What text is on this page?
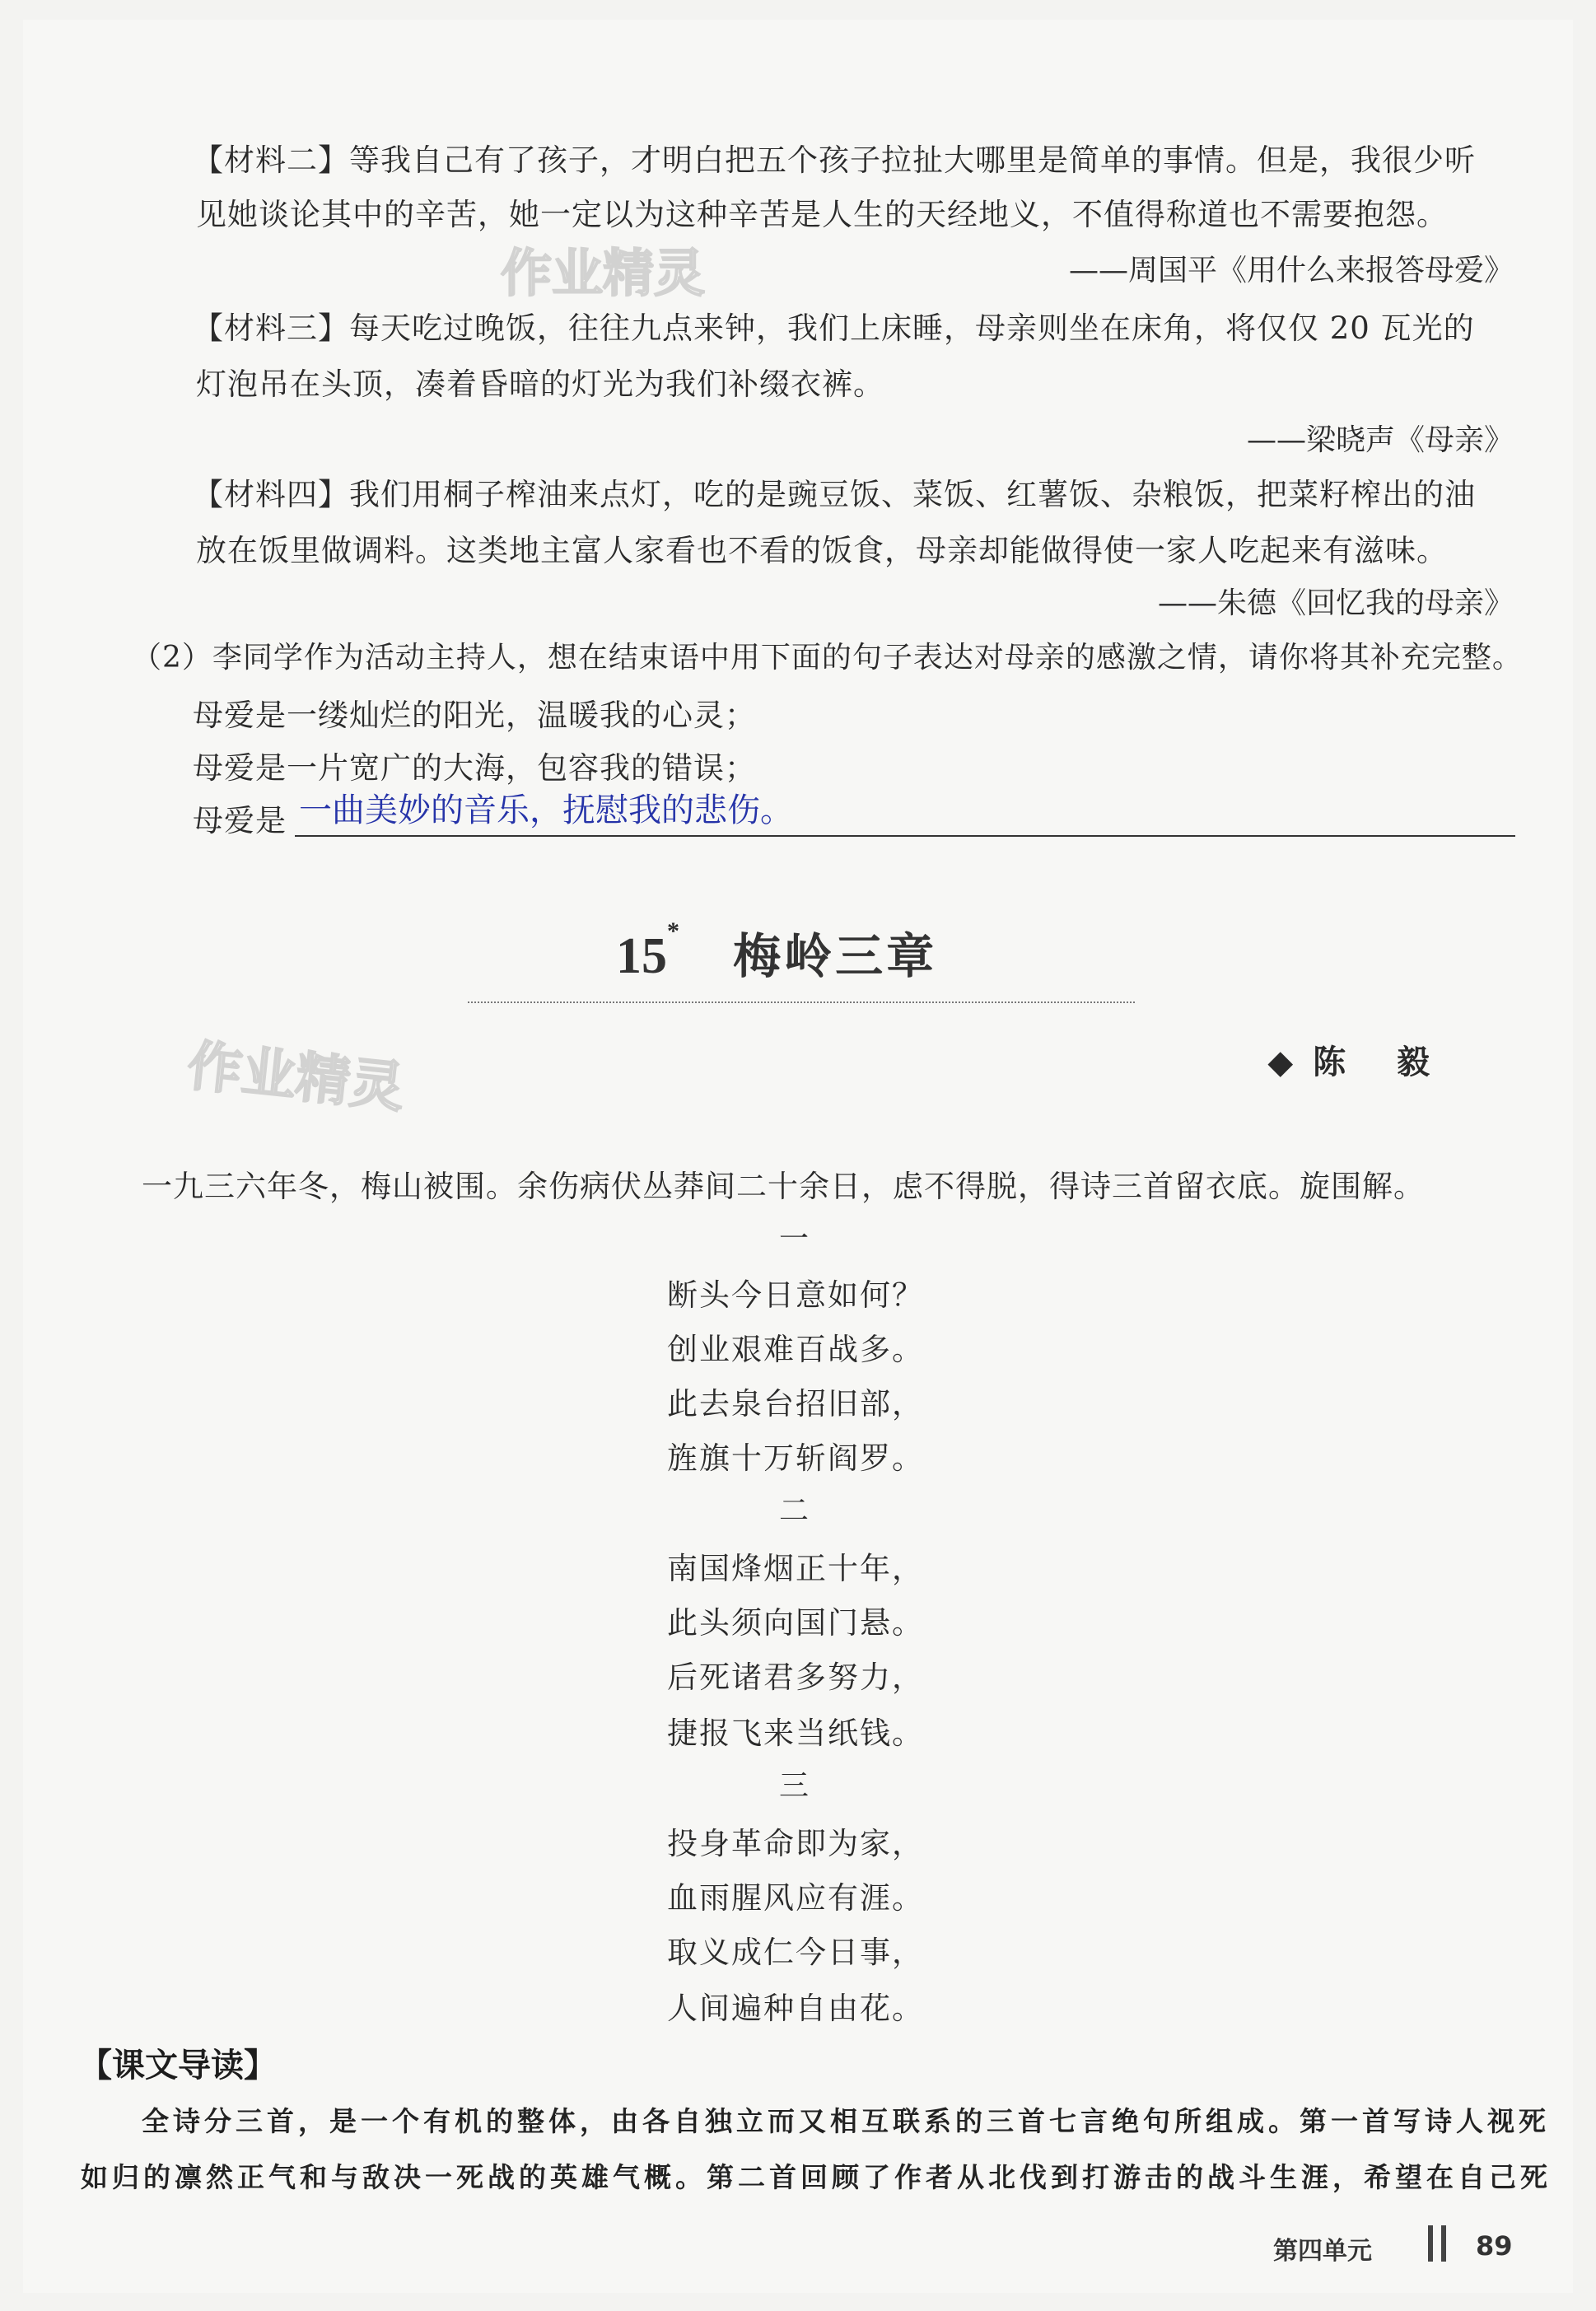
作业精灵
作业精灵
【材料二】等我自己有了孩子，才明白把五个孩子拉扯大哪里是简单的事情。但是，我很少听
见她谈论其中的辛苦，她一定以为这种辛苦是人生的天经地义，不值得称道也不需要抱怨。
——周国平《用什么来报答母爱》
【材料三】每天吃过晚饭，往往九点来钟，我们上床睡，母亲则坐在床角，将仅仅 20 瓦光的
灯泡吊在头顶，凑着昏暗的灯光为我们补缀衣裤。
——梁晓声《母亲》
【材料四】我们用桐子榨油来点灯，吃的是豌豆饭、菜饭、红薯饭、杂粮饭，把菜籽榨出的油
放在饭里做调料。这类地主富人家看也不看的饭食，母亲却能做得使一家人吃起来有滋味。
——朱德《回忆我的母亲》
（2）李同学作为活动主持人，想在结束语中用下面的句子表达对母亲的感激之情，请你将其补充完整。
母爱是一缕灿烂的阳光，温暖我的心灵；
母爱是一片宽广的大海，包容我的错误；
母爱是 一曲美妙的音乐，抚慰我的悲伤。
15* 梅岭三章
◆陈 毅
一九三六年冬，梅山被围。余伤病伏丛莽间二十余日，虑不得脱，得诗三首留衣底。旋围解。
一
断头今日意如何？
创业艰难百战多。
此去泉台招旧部，
旌旗十万斩阎罗。
二
南国烽烟正十年，
此头须向国门悬。
后死诸君多努力，
捷报飞来当纸钱。
三
投身革命即为家，
血雨腥风应有涯。
取义成仁今日事，
人间遍种自由花。
【课文导读】
全诗分三首，是一个有机的整体，由各自独立而又相互联系的三首七言绝句所组成。第一首写诗人视死
如归的凛然正气和与敌决一死战的英雄气概。第二首回顾了作者从北伐到打游击的战斗生涯，希望在自己死
第四单元	89
